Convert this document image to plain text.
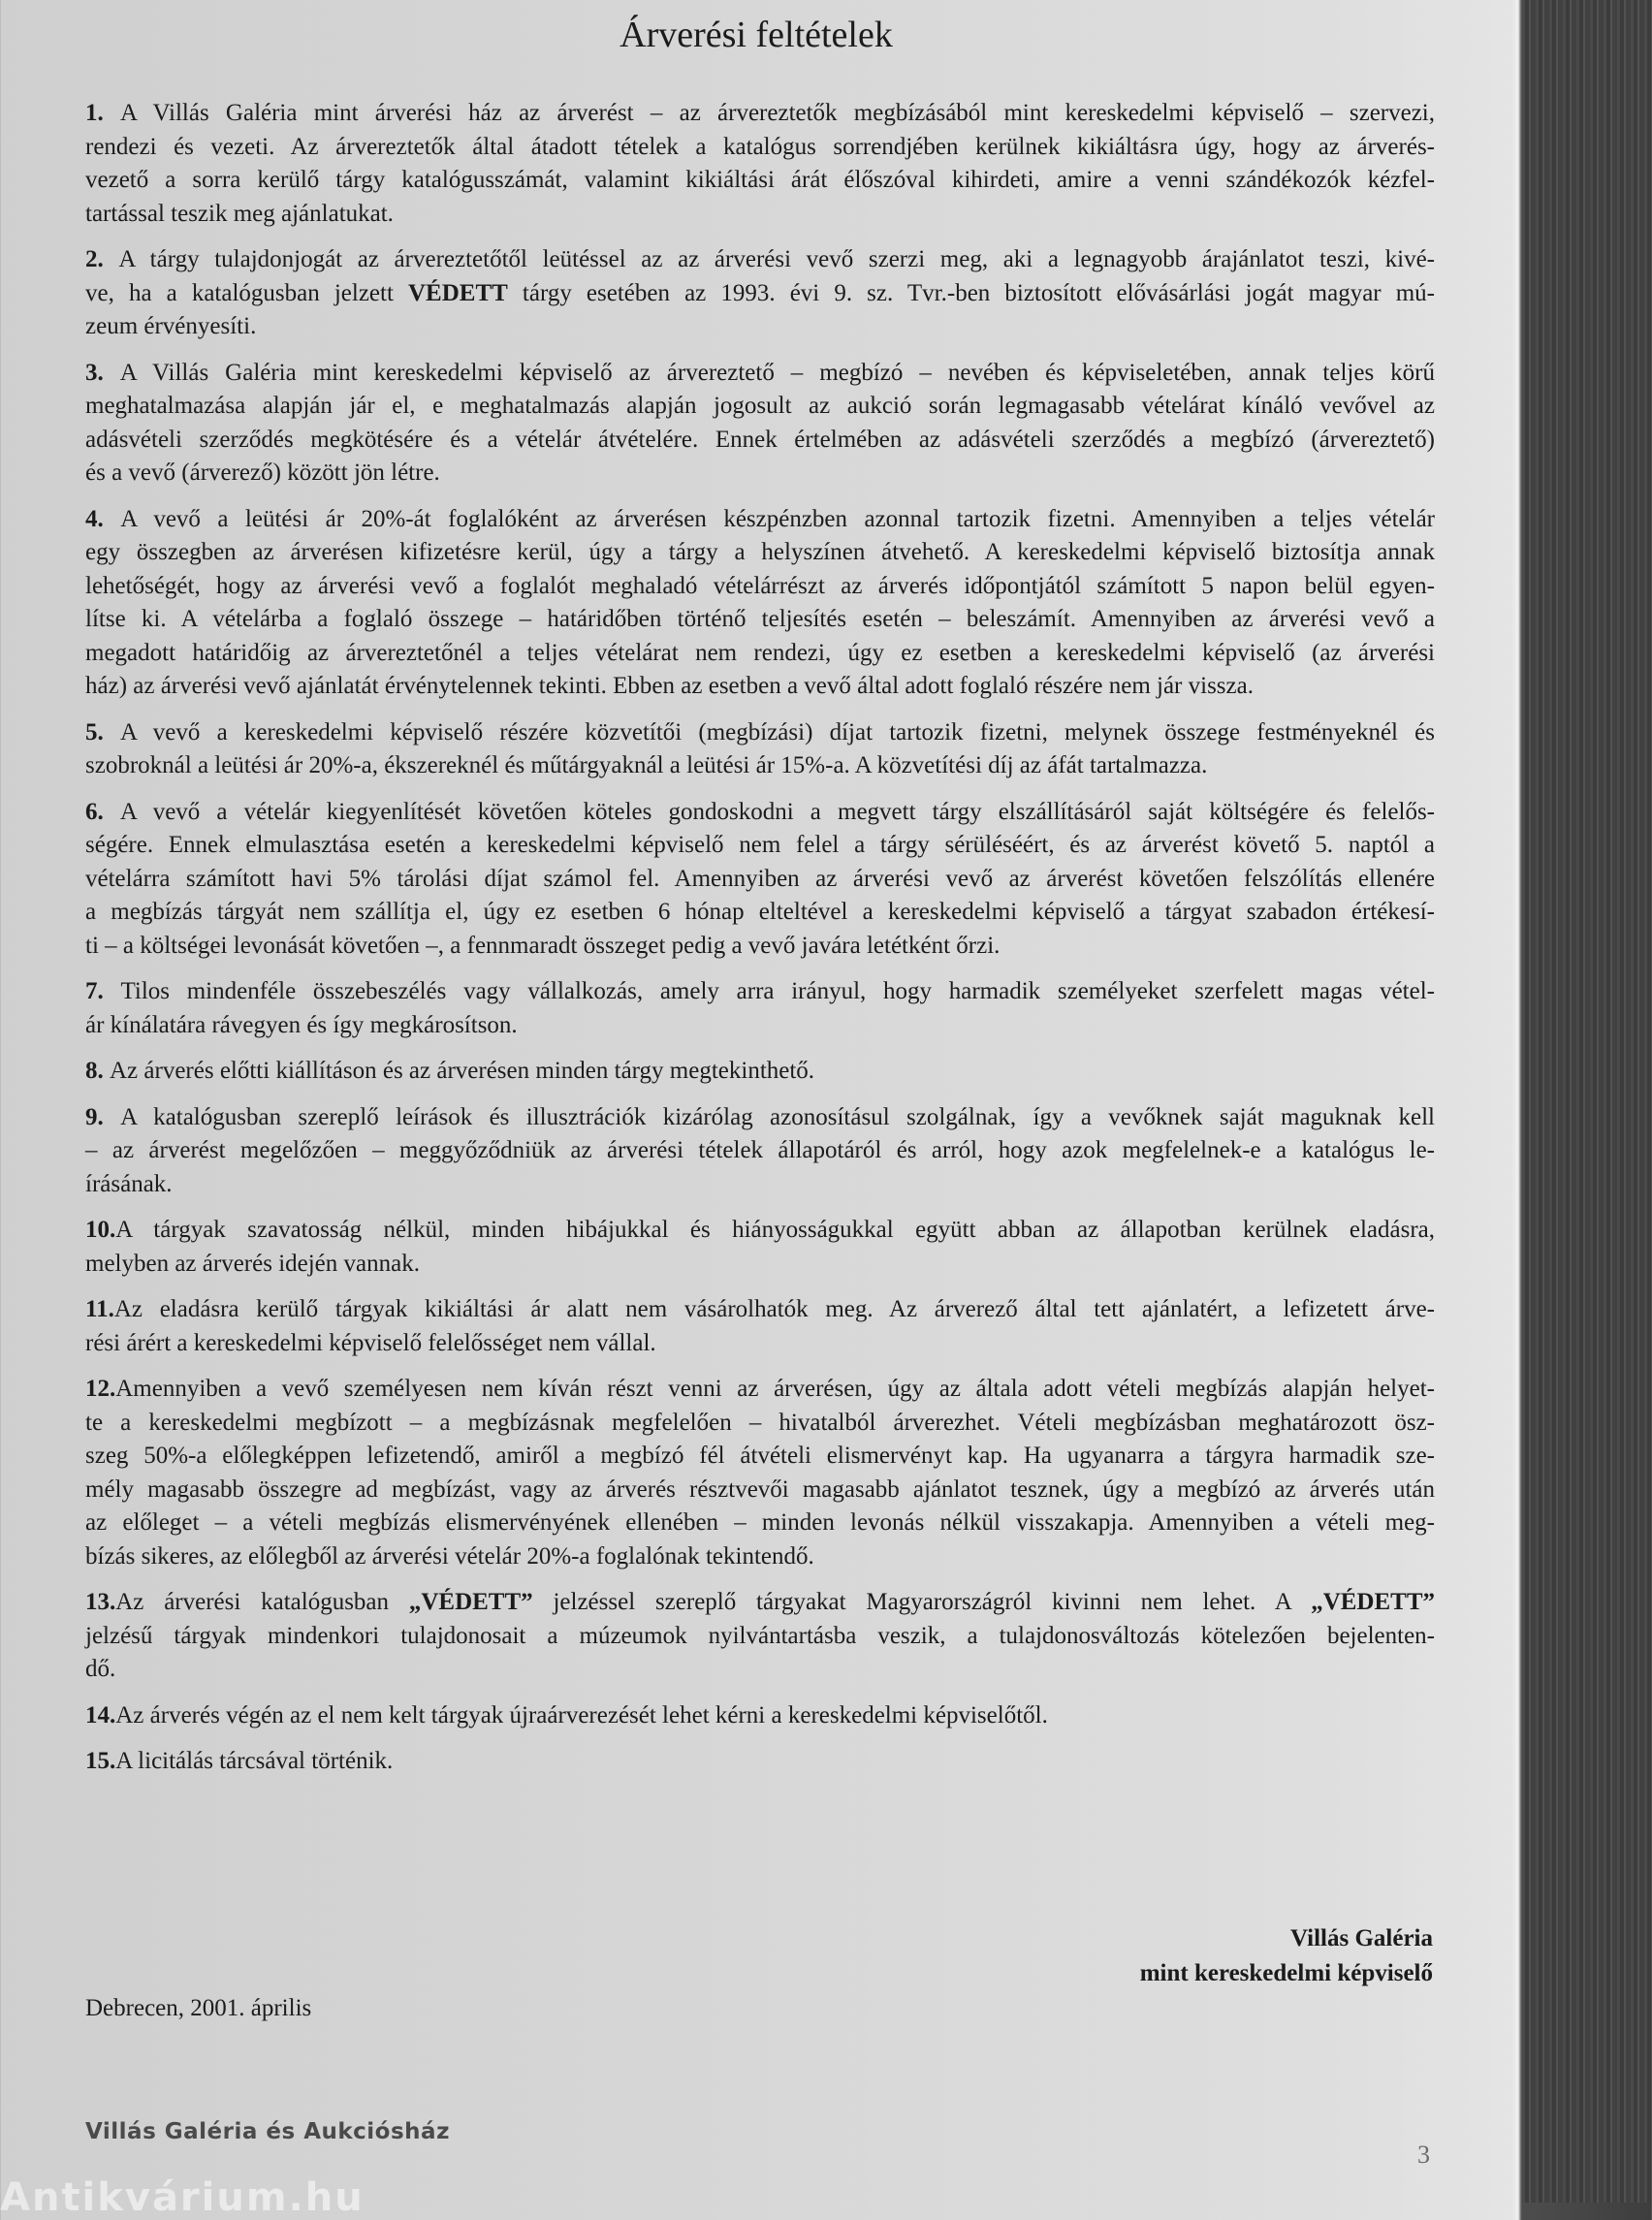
Árverési feltételek
1. A Villás Galéria mint árverési ház az árverést – az árvereztetők megbízásából mint kereskedelmi képviselő – szervezi,
rendezi és vezeti. Az árvereztetők által átadott tételek a katalógus sorrendjében kerülnek kikiáltásra úgy, hogy az árverés-
vezető a sorra kerülő tárgy katalógusszámát, valamint kikiáltási árát élőszóval kihirdeti, amire a venni szándékozók kézfel-
tartással teszik meg ajánlatukat.
2. A tárgy tulajdonjogát az árvereztetőtől leütéssel az az árverési vevő szerzi meg, aki a legnagyobb árajánlatot teszi, kivé-
ve, ha a katalógusban jelzett VÉDETT tárgy esetében az 1993. évi 9. sz. Tvr.-ben biztosított elővásárlási jogát magyar mú-
zeum érvényesíti.
3. A Villás Galéria mint kereskedelmi képviselő az árvereztető – megbízó – nevében és képviseletében, annak teljes körű
meghatalmazása alapján jár el, e meghatalmazás alapján jogosult az aukció során legmagasabb vételárat kínáló vevővel az
adásvételi szerződés megkötésére és a vételár átvételére. Ennek értelmében az adásvételi szerződés a megbízó (árvereztető)
és a vevő (árverező) között jön létre.
4. A vevő a leütési ár 20%-át foglalóként az árverésen készpénzben azonnal tartozik fizetni. Amennyiben a teljes vételár
egy összegben az árverésen kifizetésre kerül, úgy a tárgy a helyszínen átvehető. A kereskedelmi képviselő biztosítja annak
lehetőségét, hogy az árverési vevő a foglalót meghaladó vételárrészt az árverés időpontjától számított 5 napon belül egyen-
lítse ki. A vételárba a foglaló összege – határidőben történő teljesítés esetén – beleszámít. Amennyiben az árverési vevő a
megadott határidőig az árvereztetőnél a teljes vételárat nem rendezi, úgy ez esetben a kereskedelmi képviselő (az árverési
ház) az árverési vevő ajánlatát érvénytelennek tekinti. Ebben az esetben a vevő által adott foglaló részére nem jár vissza.
5. A vevő a kereskedelmi képviselő részére közvetítői (megbízási) díjat tartozik fizetni, melynek összege festményeknél és
szobroknál a leütési ár 20%-a, ékszereknél és műtárgyaknál a leütési ár 15%-a. A közvetítési díj az áfát tartalmazza.
6. A vevő a vételár kiegyenlítését követően köteles gondoskodni a megvett tárgy elszállításáról saját költségére és felelős-
ségére. Ennek elmulasztása esetén a kereskedelmi képviselő nem felel a tárgy sérüléséért, és az árverést követő 5. naptól a
vételárra számított havi 5% tárolási díjat számol fel. Amennyiben az árverési vevő az árverést követően felszólítás ellenére
a megbízás tárgyát nem szállítja el, úgy ez esetben 6 hónap elteltével a kereskedelmi képviselő a tárgyat szabadon értékesí-
ti – a költségei levonását követően –, a fennmaradt összeget pedig a vevő javára letétként őrzi.
7. Tilos mindenféle összebeszélés vagy vállalkozás, amely arra irányul, hogy harmadik személyeket szerfelett magas vétel-
ár kínálatára rávegyen és így megkárosítson.
8. Az árverés előtti kiállításon és az árverésen minden tárgy megtekinthető.
9. A katalógusban szereplő leírások és illusztrációk kizárólag azonosításul szolgálnak, így a vevőknek saját maguknak kell
– az árverést megelőzően – meggyőződniük az árverési tételek állapotáról és arról, hogy azok megfelelnek-e a katalógus le-
írásának.
10.A tárgyak szavatosság nélkül, minden hibájukkal és hiányosságukkal együtt abban az állapotban kerülnek eladásra,
melyben az árverés idején vannak.
11.Az eladásra kerülő tárgyak kikiáltási ár alatt nem vásárolhatók meg. Az árverező által tett ajánlatért, a lefizetett árve-
rési árért a kereskedelmi képviselő felelősséget nem vállal.
12.Amennyiben a vevő személyesen nem kíván részt venni az árverésen, úgy az általa adott vételi megbízás alapján helyet-
te a kereskedelmi megbízott – a megbízásnak megfelelően – hivatalból árverezhet. Vételi megbízásban meghatározott ösz-
szeg 50%-a előlegképpen lefizetendő, amiről a megbízó fél átvételi elismervényt kap. Ha ugyanarra a tárgyra harmadik sze-
mély magasabb összegre ad megbízást, vagy az árverés résztvevői magasabb ajánlatot tesznek, úgy a megbízó az árverés után
az előleget – a vételi megbízás elismervényének ellenében – minden levonás nélkül visszakapja. Amennyiben a vételi meg-
bízás sikeres, az előlegből az árverési vételár 20%-a foglalónak tekintendő.
13.Az árverési katalógusban „VÉDETT” jelzéssel szereplő tárgyakat Magyarországról kivinni nem lehet. A „VÉDETT”
jelzésű tárgyak mindenkori tulajdonosait a múzeumok nyilvántartásba veszik, a tulajdonosváltozás kötelezően bejelenten-
dő.
14.Az árverés végén az el nem kelt tárgyak újraárverezését lehet kérni a kereskedelmi képviselőtől.
15.A licitálás tárcsával történik.
Villás Galéria
mint kereskedelmi képviselő
Debrecen, 2001. április
Villás Galéria és Aukciósház
3
Antikvárium.hu
